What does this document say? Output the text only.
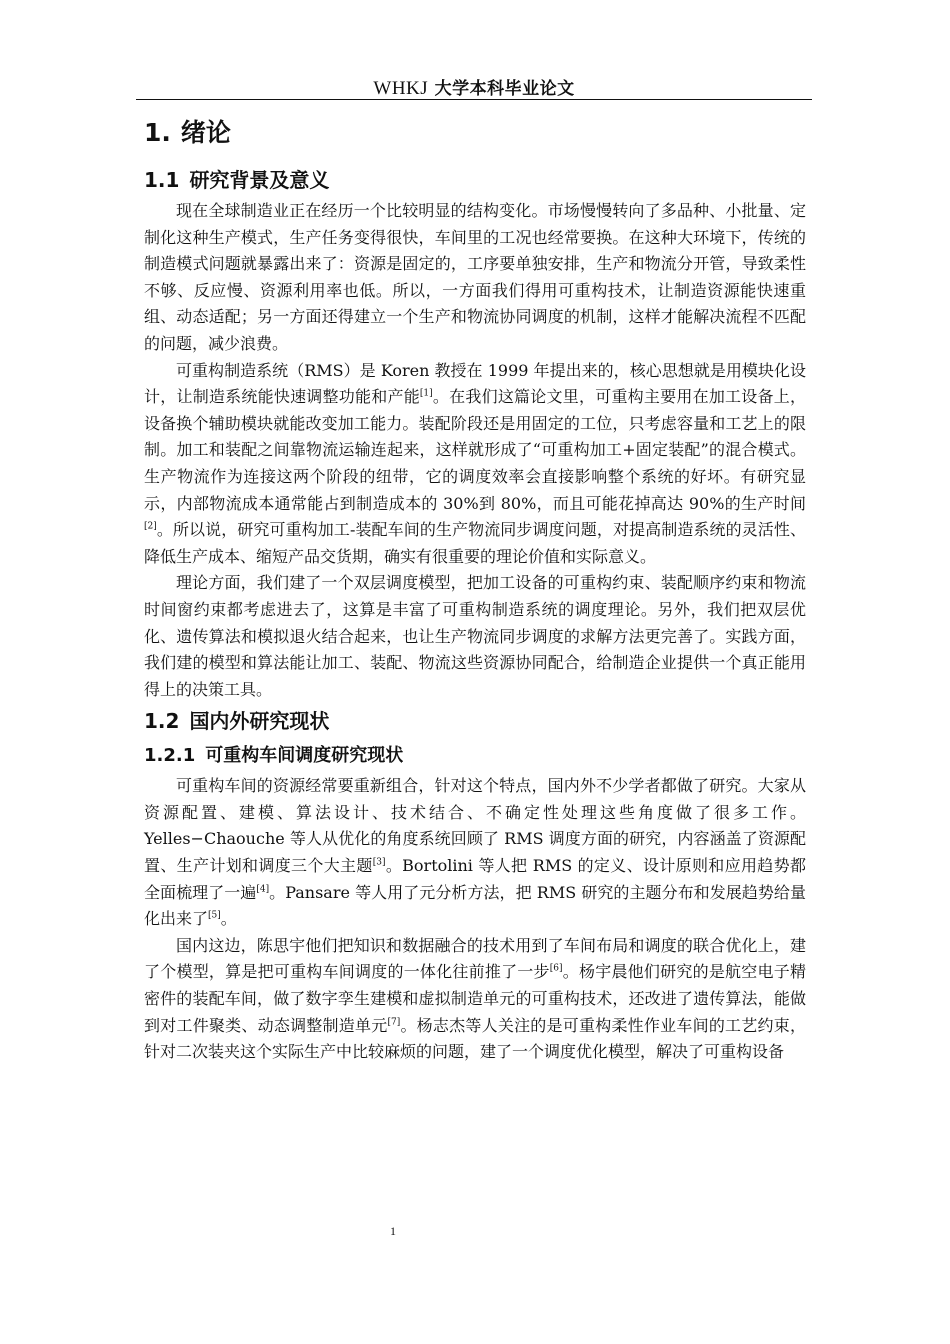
WHKJ 大学本科毕业论文
1. 绪论
1.1 研究背景及意义

现在全球制造业正在经历一个比较明显的结构变化。市场慢慢转向了多品种、小批量、定制化这种生产模式，生产任务变得很快，车间里的工况也经常要换。在这种大环境下，传统的制造模式问题就暴露出来了：资源是固定的，工序要单独安排，生产和物流分开管，导致柔性不够、反应慢、资源利用率也低。所以，一方面我们得用可重构技术，让制造资源能快速重组、动态适配；另一方面还得建立一个生产和物流协同调度的机制，这样才能解决流程不匹配的问题，减少浪费。

可重构制造系统（RMS）是 Koren 教授在 1999 年提出来的，核心思想就是用模块化设计，让制造系统能快速调整功能和产能[1]。在我们这篇论文里，可重构主要用在加工设备上，设备换个辅助模块就能改变加工能力。装配阶段还是用固定的工位，只考虑容量和工艺上的限制。加工和装配之间靠物流运输连起来，这样就形成了“可重构加工+固定装配”的混合模式。生产物流作为连接这两个阶段的纽带，它的调度效率会直接影响整个系统的好坏。有研究显示，内部物流成本通常能占到制造成本的 30%到 80%，而且可能花掉高达 90%的生产时间[2]。所以说，研究可重构加工-装配车间的生产物流同步调度问题，对提高制造系统的灵活性、降低生产成本、缩短产品交货期，确实有很重要的理论价值和实际意义。

理论方面，我们建了一个双层调度模型，把加工设备的可重构约束、装配顺序约束和物流时间窗约束都考虑进去了，这算是丰富了可重构制造系统的调度理论。另外，我们把双层优化、遗传算法和模拟退火结合起来，也让生产物流同步调度的求解方法更完善了。实践方面，我们建的模型和算法能让加工、装配、物流这些资源协同配合，给制造企业提供一个真正能用得上的决策工具。

1.2 国内外研究现状
1.2.1 可重构车间调度研究现状

可重构车间的资源经常要重新组合，针对这个特点，国内外不少学者都做了研究。大家从资源配置、建模、算法设计、技术结合、不确定性处理这些角度做了很多工作。Yelles−Chaouche 等人从优化的角度系统回顾了 RMS 调度方面的研究，内容涵盖了资源配置、生产计划和调度三个大主题[3]。Bortolini 等人把 RMS 的定义、设计原则和应用趋势都全面梳理了一遍[4]。Pansare 等人用了元分析方法，把 RMS 研究的主题分布和发展趋势给量化出来了[5]。

国内这边，陈思宇他们把知识和数据融合的技术用到了车间布局和调度的联合优化上，建了个模型，算是把可重构车间调度的一体化往前推了一步[6]。杨宇晨他们研究的是航空电子精密件的装配车间，做了数字孪生建模和虚拟制造单元的可重构技术，还改进了遗传算法，能做到对工件聚类、动态调整制造单元[7]。杨志杰等人关注的是可重构柔性作业车间的工艺约束，针对二次装夹这个实际生产中比较麻烦的问题，建了一个调度优化模型，解决了可重构设备

1
